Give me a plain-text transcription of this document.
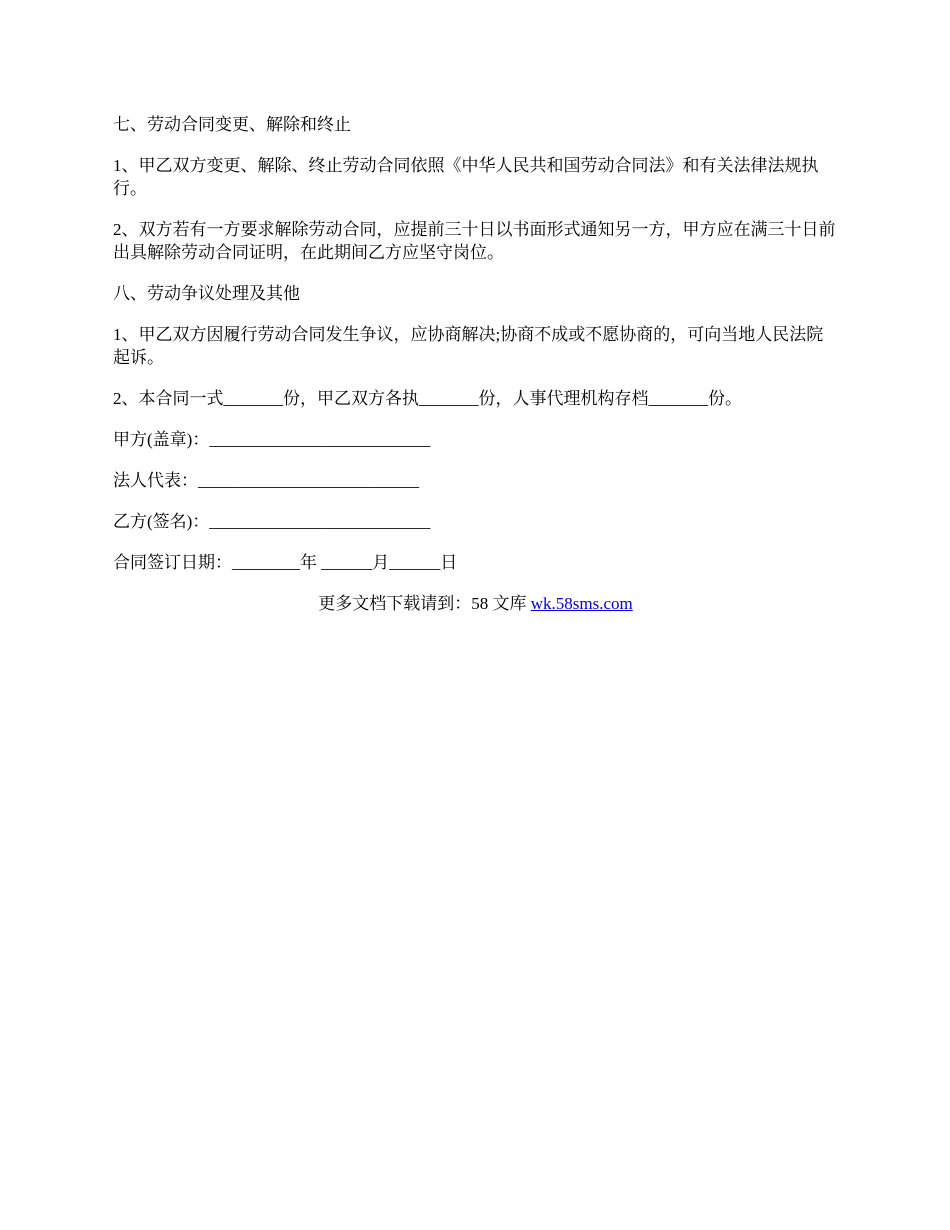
七、劳动合同变更、解除和终止

1、甲乙双方变更、解除、终止劳动合同依照《中华人民共和国劳动合同法》和有关法律法规执行。

2、双方若有一方要求解除劳动合同，应提前三十日以书面形式通知另一方，甲方应在满三十日前出具解除劳动合同证明，在此期间乙方应坚守岗位。

八、劳动争议处理及其他

1、甲乙双方因履行劳动合同发生争议，应协商解决;协商不成或不愿协商的，可向当地人民法院起诉。

2、本合同一式_______份，甲乙双方各执_______份，人事代理机构存档_______份。

甲方(盖章)：__________________________

法人代表：__________________________

乙方(签名)：__________________________

合同签订日期：________年 ______月______日

更多文档下载请到：58 文库 wk.58sms.com
